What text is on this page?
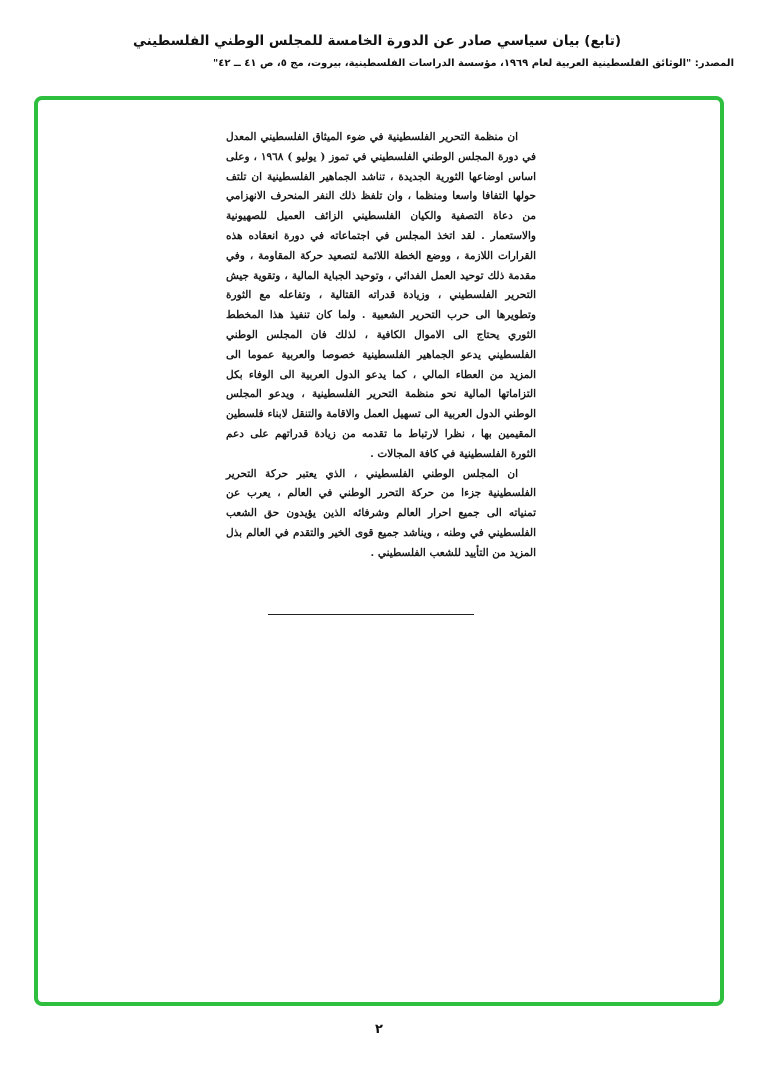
(تابع) بيان سياسي صادر عن الدورة الخامسة للمجلس الوطني الفلسطيني
المصدر: "الوثائق الفلسطينية العربية لعام ١٩٦٩، مؤسسة الدراسات الفلسطينية، بيروت، مج ٥، ص ٤١ ــ ٤٢"

ان منظمة التحرير الفلسطينية في ضوء الميثاق الفلسطيني المعدل في دورة المجلس الوطني الفلسطيني في تموز ( يوليو ) ١٩٦٨ ، وعلى اساس اوضاعها الثورية الجديدة ، تناشد الجماهير الفلسطينية ان تلتف حولها التفافا واسعا ومنظما ، وان تلفظ ذلك النفر المنحرف الانهزامي من دعاة التصفية والكيان الفلسطيني الزائف العميل للصهيونية والاستعمار . لقد اتخذ المجلس في اجتماعاته في دورة انعقاده هذه القرارات اللازمة ، ووضع الخطة اللائمة لتصعيد حركة المقاومة ، وفي مقدمة ذلك توحيد العمل الفدائي ، وتوحيد الجباية المالية ، وتقوية جيش التحرير الفلسطيني ، وزيادة قدراته القتالية ، وتفاعله مع الثورة وتطويرها الى حرب التحرير الشعبية . ولما كان تنفيذ هذا المخطط الثوري يحتاج الى الاموال الكافية ، لذلك فان المجلس الوطني الفلسطيني يدعو الجماهير الفلسطينية خصوصا والعربية عموما الى المزيد من العطاء المالي ، كما يدعو الدول العربية الى الوفاء بكل التزاماتها المالية نحو منظمة التحرير الفلسطينية ، ويدعو المجلس الوطني الدول العربية الى تسهيل العمل والاقامة والتنقل لابناء فلسطين المقيمين بها ، نظرا لارتباط ما تقدمه من زيادة قدراتهم على دعم الثورة الفلسطينية في كافة المجالات .

ان المجلس الوطني الفلسطيني ، الذي يعتبر حركة التحرير الفلسطينية جزءا من حركة التحرر الوطني في العالم ، يعرب عن تمنياته الى جميع احرار العالم وشرفائه الذين يؤيدون حق الشعب الفلسطيني في وطنه ، ويناشد جميع قوى الخير والتقدم في العالم بذل المزيد من التأييد للشعب الفلسطيني .

٢
